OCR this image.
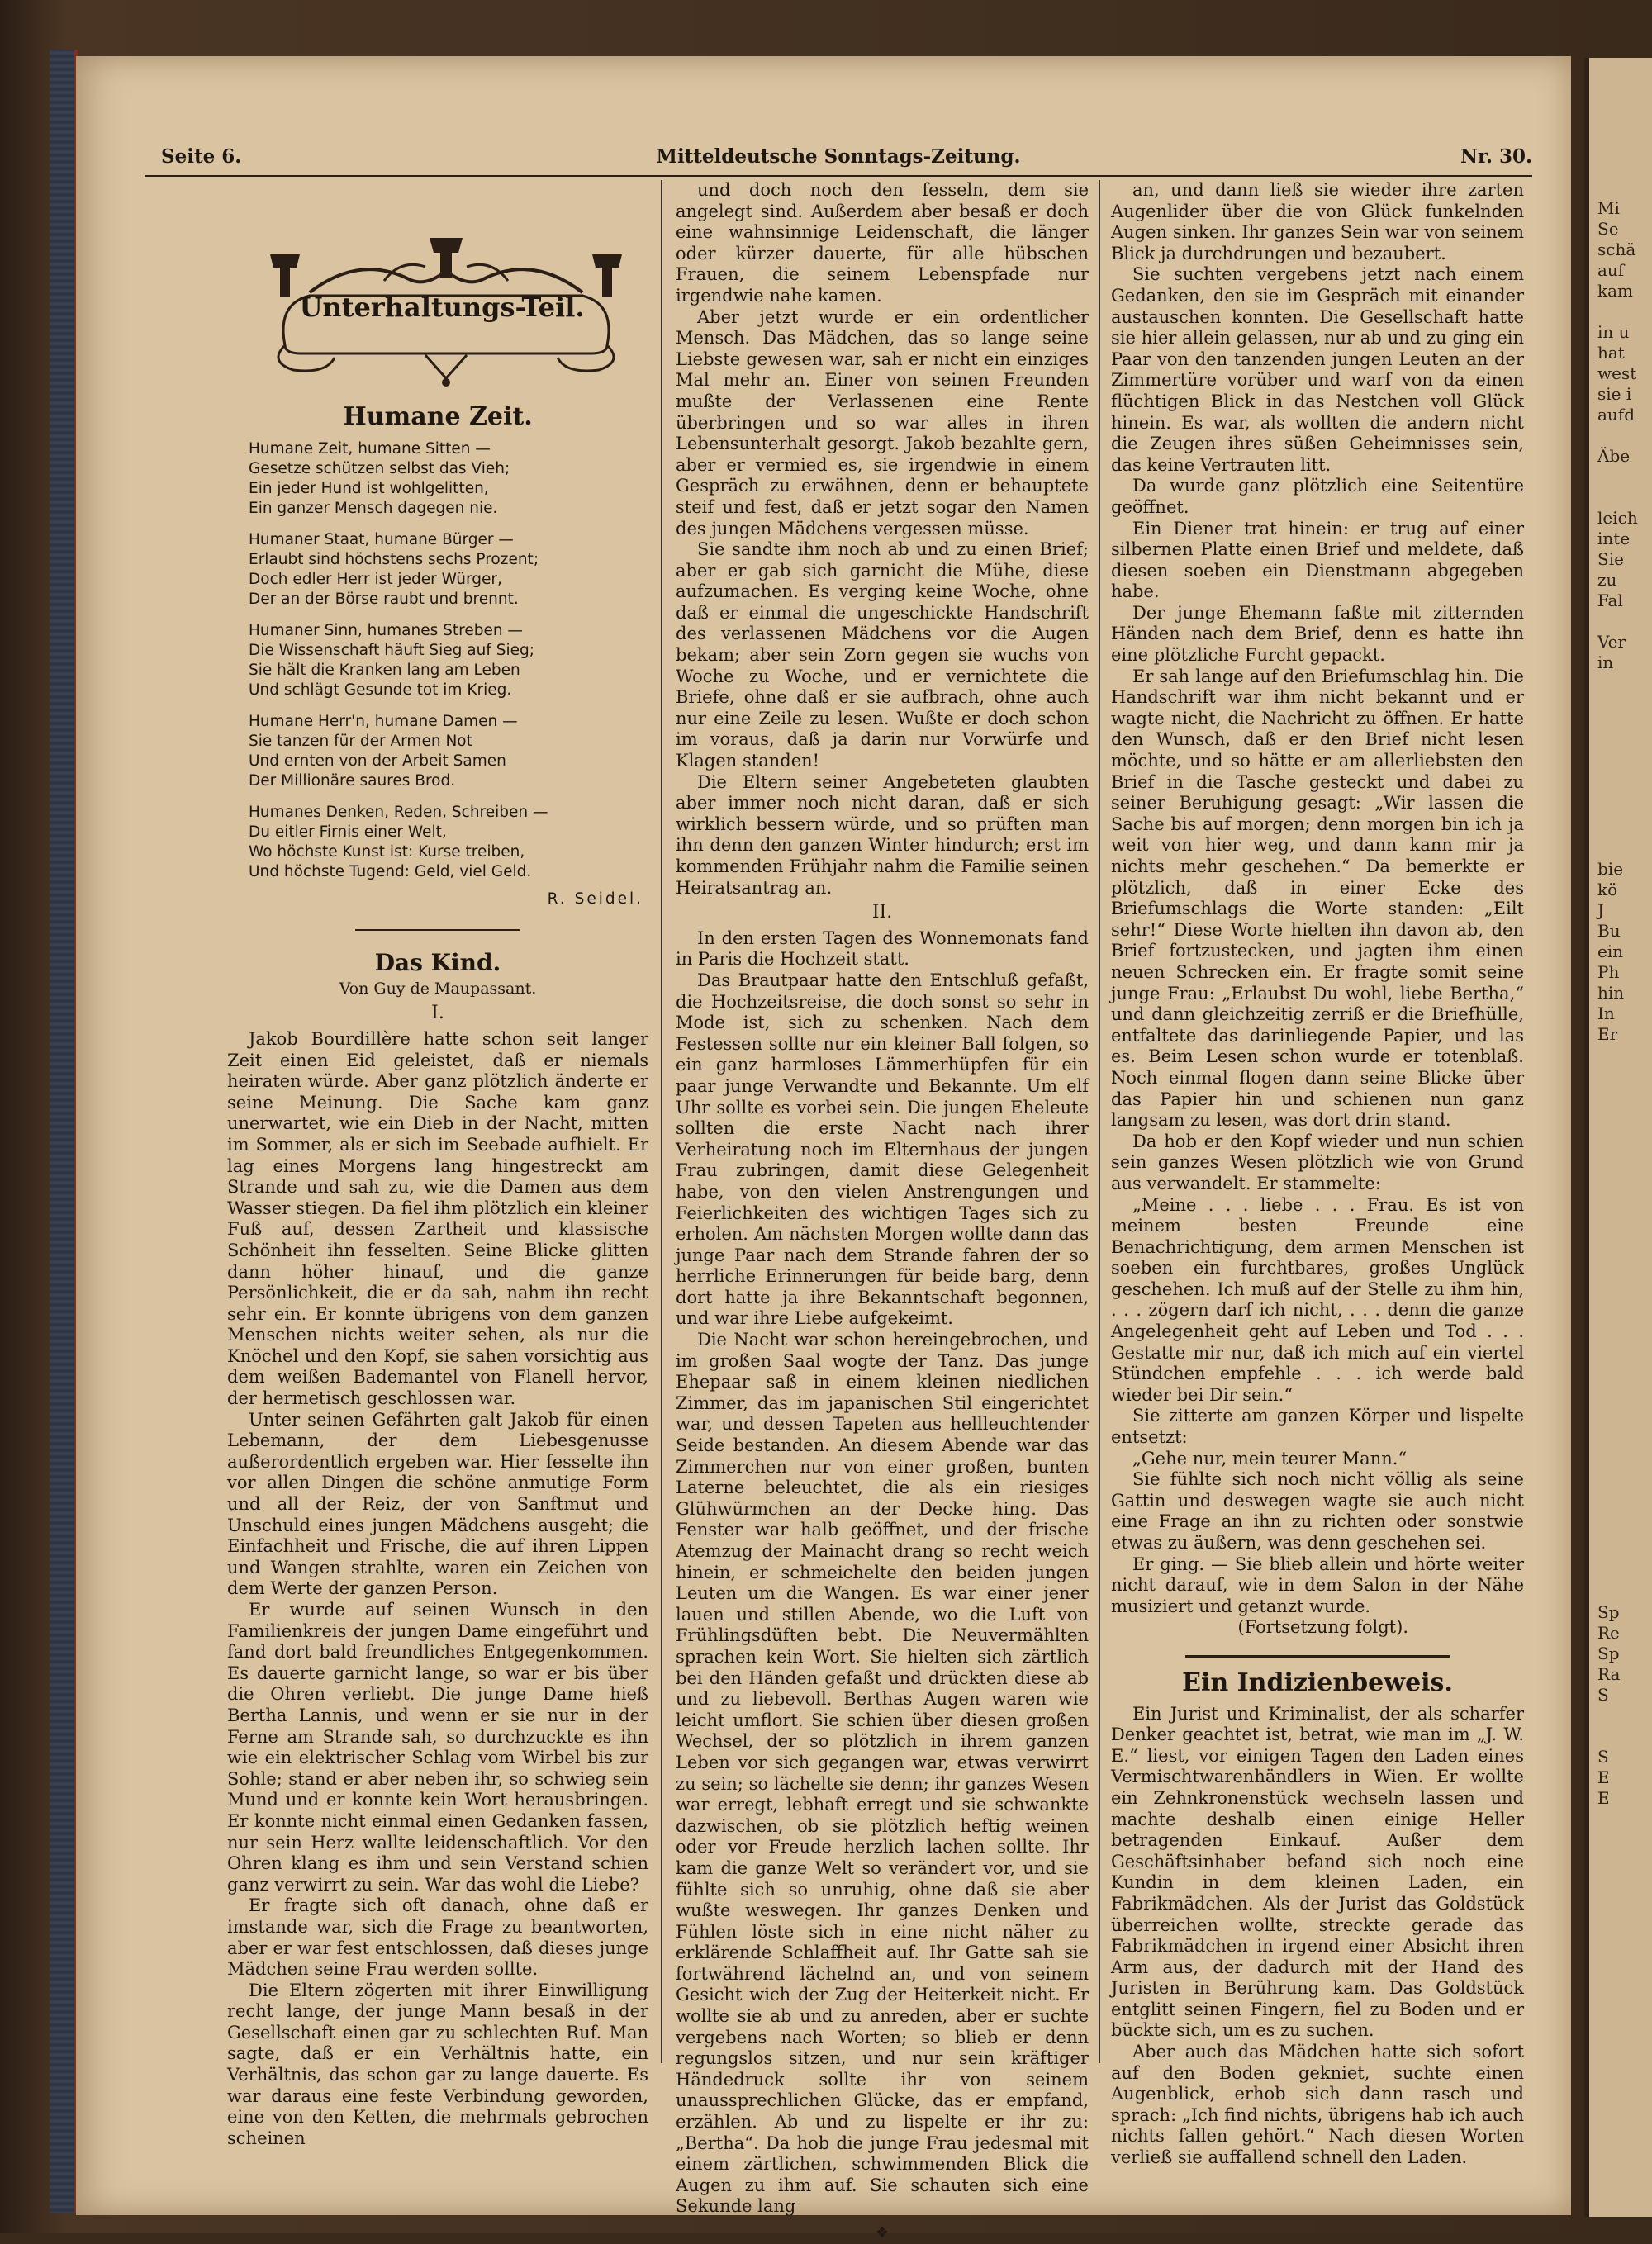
Mi
Se
schä
auf
kam

in u
hat
west
sie i
aufd

Äbe

leich
inte
Sie
zu
Fal

Ver
in

bie
kö
J
Bu
ein
Ph
hin
In
Er

Sp
Re
Sp
Ra
S

S
E
E
Seite 6.	Mitteldeutsche Sonntags-Zeitung.	Nr. 30.
Unterhaltungs-Teil.
Humane Zeit.
Humane Zeit, humane Sitten —
Gesetze schützen selbst das Vieh;
Ein jeder Hund ist wohlgelitten,
Ein ganzer Mensch dagegen nie.
Humaner Staat, humane Bürger —
Erlaubt sind höchstens sechs Prozent;
Doch edler Herr ist jeder Würger,
Der an der Börse raubt und brennt.
Humaner Sinn, humanes Streben —
Die Wissenschaft häuft Sieg auf Sieg;
Sie hält die Kranken lang am Leben
Und schlägt Gesunde tot im Krieg.
Humane Herr'n, humane Damen —
Sie tanzen für der Armen Not
Und ernten von der Arbeit Samen
Der Millionäre saures Brod.
Humanes Denken, Reden, Schreiben —
Du eitler Firnis einer Welt,
Wo höchste Kunst ist: Kurse treiben,
Und höchste Tugend: Geld, viel Geld.
R. Seidel.
Das Kind.
Von Guy de Maupassant.
I.

Jakob Bourdillère hatte schon seit langer Zeit einen Eid geleistet, daß er niemals heiraten würde. Aber ganz plötzlich änderte er seine Meinung. Die Sache kam ganz unerwartet, wie ein Dieb in der Nacht, mitten im Sommer, als er sich im Seebade aufhielt. Er lag eines Morgens lang hingestreckt am Strande und sah zu, wie die Damen aus dem Wasser stiegen. Da fiel ihm plötzlich ein kleiner Fuß auf, dessen Zartheit und klassische Schönheit ihn fesselten. Seine Blicke glitten dann höher hinauf, und die ganze Persönlichkeit, die er da sah, nahm ihn recht sehr ein. Er konnte übrigens von dem ganzen Menschen nichts weiter sehen, als nur die Knöchel und den Kopf, sie sahen vorsichtig aus dem weißen Bademantel von Flanell hervor, der hermetisch geschlossen war.

Unter seinen Gefährten galt Jakob für einen Lebemann, der dem Liebesgenusse außerordentlich ergeben war. Hier fesselte ihn vor allen Dingen die schöne anmutige Form und all der Reiz, der von Sanftmut und Unschuld eines jungen Mädchens ausgeht; die Einfachheit und Frische, die auf ihren Lippen und Wangen strahlte, waren ein Zeichen von dem Werte der ganzen Person.

Er wurde auf seinen Wunsch in den Familienkreis der jungen Dame eingeführt und fand dort bald freundliches Entgegenkommen. Es dauerte garnicht lange, so war er bis über die Ohren verliebt. Die junge Dame hieß Bertha Lannis, und wenn er sie nur in der Ferne am Strande sah, so durchzuckte es ihn wie ein elektrischer Schlag vom Wirbel bis zur Sohle; stand er aber neben ihr, so schwieg sein Mund und er konnte kein Wort herausbringen. Er konnte nicht einmal einen Gedanken fassen, nur sein Herz wallte leidenschaftlich. Vor den Ohren klang es ihm und sein Verstand schien ganz verwirrt zu sein. War das wohl die Liebe?

Er fragte sich oft danach, ohne daß er imstande war, sich die Frage zu beantworten, aber er war fest entschlossen, daß dieses junge Mädchen seine Frau werden sollte.

Die Eltern zögerten mit ihrer Einwilligung recht lange, der junge Mann besaß in der Gesellschaft einen gar zu schlechten Ruf. Man sagte, daß er ein Verhältnis hatte, ein Verhältnis, das schon gar zu lange dauerte. Es war daraus eine feste Verbindung geworden, eine von den Ketten, die mehrmals gebrochen scheinen

und doch noch den fesseln, dem sie angelegt sind. Außerdem aber besaß er doch eine wahnsinnige Leidenschaft, die länger oder kürzer dauerte, für alle hübschen Frauen, die seinem Lebenspfade nur irgendwie nahe kamen.

Aber jetzt wurde er ein ordentlicher Mensch. Das Mädchen, das so lange seine Liebste gewesen war, sah er nicht ein einziges Mal mehr an. Einer von seinen Freunden mußte der Verlassenen eine Rente überbringen und so war alles in ihren Lebensunterhalt gesorgt. Jakob bezahlte gern, aber er vermied es, sie irgendwie in einem Gespräch zu erwähnen, denn er behauptete steif und fest, daß er jetzt sogar den Namen des jungen Mädchens vergessen müsse.

Sie sandte ihm noch ab und zu einen Brief; aber er gab sich garnicht die Mühe, diese aufzumachen. Es verging keine Woche, ohne daß er einmal die ungeschickte Handschrift des verlassenen Mädchens vor die Augen bekam; aber sein Zorn gegen sie wuchs von Woche zu Woche, und er vernichtete die Briefe, ohne daß er sie aufbrach, ohne auch nur eine Zeile zu lesen. Wußte er doch schon im voraus, daß ja darin nur Vorwürfe und Klagen standen!

Die Eltern seiner Angebeteten glaubten aber immer noch nicht daran, daß er sich wirklich bessern würde, und so prüften man ihn denn den ganzen Winter hindurch; erst im kommenden Frühjahr nahm die Familie seinen Heiratsantrag an.

II.

In den ersten Tagen des Wonnemonats fand in Paris die Hochzeit statt.

Das Brautpaar hatte den Entschluß gefaßt, die Hochzeitsreise, die doch sonst so sehr in Mode ist, sich zu schenken. Nach dem Festessen sollte nur ein kleiner Ball folgen, so ein ganz harmloses Lämmerhüpfen für ein paar junge Verwandte und Bekannte. Um elf Uhr sollte es vorbei sein. Die jungen Eheleute sollten die erste Nacht nach ihrer Verheiratung noch im Elternhaus der jungen Frau zubringen, damit diese Gelegenheit habe, von den vielen Anstrengungen und Feierlichkeiten des wichtigen Tages sich zu erholen. Am nächsten Morgen wollte dann das junge Paar nach dem Strande fahren der so herrliche Erinnerungen für beide barg, denn dort hatte ja ihre Bekanntschaft begonnen, und war ihre Liebe aufgekeimt.

Die Nacht war schon hereingebrochen, und im großen Saal wogte der Tanz. Das junge Ehepaar saß in einem kleinen niedlichen Zimmer, das im japanischen Stil eingerichtet war, und dessen Tapeten aus hellleuchtender Seide bestanden. An diesem Abende war das Zimmerchen nur von einer großen, bunten Laterne beleuchtet, die als ein riesiges Glühwürmchen an der Decke hing. Das Fenster war halb geöffnet, und der frische Atemzug der Mainacht drang so recht weich hinein, er schmeichelte den beiden jungen Leuten um die Wangen. Es war einer jener lauen und stillen Abende, wo die Luft von Frühlingsdüften bebt. Die Neuvermählten sprachen kein Wort. Sie hielten sich zärtlich bei den Händen gefaßt und drückten diese ab und zu liebevoll. Berthas Augen waren wie leicht umflort. Sie schien über diesen großen Wechsel, der so plötzlich in ihrem ganzen Leben vor sich gegangen war, etwas verwirrt zu sein; so lächelte sie denn; ihr ganzes Wesen war erregt, lebhaft erregt und sie schwankte dazwischen, ob sie plötzlich heftig weinen oder vor Freude herzlich lachen sollte. Ihr kam die ganze Welt so verändert vor, und sie fühlte sich so unruhig, ohne daß sie aber wußte weswegen. Ihr ganzes Denken und Fühlen löste sich in eine nicht näher zu erklärende Schlaffheit auf. Ihr Gatte sah sie fortwährend lächelnd an, und von seinem Gesicht wich der Zug der Heiterkeit nicht. Er wollte sie ab und zu anreden, aber er suchte vergebens nach Worten; so blieb er denn regungslos sitzen, und nur sein kräftiger Händedruck sollte ihr von seinem unaussprechlichen Glücke, das er empfand, erzählen. Ab und zu lispelte er ihr zu: „Bertha“. Da hob die junge Frau jedesmal mit einem zärtlichen, schwimmenden Blick die Augen zu ihm auf. Sie schauten sich eine Sekunde lang

❖

an, und dann ließ sie wieder ihre zarten Augenlider über die von Glück funkelnden Augen sinken. Ihr ganzes Sein war von seinem Blick ja durchdrungen und bezaubert.

Sie suchten vergebens jetzt nach einem Gedanken, den sie im Gespräch mit einander austauschen konnten. Die Gesellschaft hatte sie hier allein gelassen, nur ab und zu ging ein Paar von den tanzenden jungen Leuten an der Zimmertüre vorüber und warf von da einen flüchtigen Blick in das Nestchen voll Glück hinein. Es war, als wollten die andern nicht die Zeugen ihres süßen Geheimnisses sein, das keine Vertrauten litt.

Da wurde ganz plötzlich eine Seitentüre geöffnet.

Ein Diener trat hinein: er trug auf einer silbernen Platte einen Brief und meldete, daß diesen soeben ein Dienstmann abgegeben habe.

Der junge Ehemann faßte mit zitternden Händen nach dem Brief, denn es hatte ihn eine plötzliche Furcht gepackt.

Er sah lange auf den Briefumschlag hin. Die Handschrift war ihm nicht bekannt und er wagte nicht, die Nachricht zu öffnen. Er hatte den Wunsch, daß er den Brief nicht lesen möchte, und so hätte er am allerliebsten den Brief in die Tasche gesteckt und dabei zu seiner Beruhigung gesagt: „Wir lassen die Sache bis auf morgen; denn morgen bin ich ja weit von hier weg, und dann kann mir ja nichts mehr geschehen.“ Da bemerkte er plötzlich, daß in einer Ecke des Briefumschlags die Worte standen: „Eilt sehr!“ Diese Worte hielten ihn davon ab, den Brief fortzustecken, und jagten ihm einen neuen Schrecken ein. Er fragte somit seine junge Frau: „Erlaubst Du wohl, liebe Bertha,“ und dann gleichzeitig zerriß er die Briefhülle, entfaltete das darinliegende Papier, und las es. Beim Lesen schon wurde er totenblaß. Noch einmal flogen dann seine Blicke über das Papier hin und schienen nun ganz langsam zu lesen, was dort drin stand.

Da hob er den Kopf wieder und nun schien sein ganzes Wesen plötzlich wie von Grund aus verwandelt. Er stammelte:

„Meine . . . liebe . . . Frau. Es ist von meinem besten Freunde eine Benachrichtigung, dem armen Menschen ist soeben ein furchtbares, großes Unglück geschehen. Ich muß auf der Stelle zu ihm hin, . . . zögern darf ich nicht, . . . denn die ganze Angelegenheit geht auf Leben und Tod . . . Gestatte mir nur, daß ich mich auf ein viertel Stündchen empfehle . . . ich werde bald wieder bei Dir sein.“

Sie zitterte am ganzen Körper und lispelte entsetzt:

„Gehe nur, mein teurer Mann.“

Sie fühlte sich noch nicht völlig als seine Gattin und deswegen wagte sie auch nicht eine Frage an ihn zu richten oder sonstwie etwas zu äußern, was denn geschehen sei.

Er ging. — Sie blieb allein und hörte weiter nicht darauf, wie in dem Salon in der Nähe musiziert und getanzt wurde.

(Fortsetzung folgt).

Ein Indizienbeweis.

Ein Jurist und Kriminalist, der als scharfer Denker geachtet ist, betrat, wie man im „J. W. E.“ liest, vor einigen Tagen den Laden eines Vermischtwarenhändlers in Wien. Er wollte ein Zehnkronenstück wechseln lassen und machte deshalb einen einige Heller betragenden Einkauf. Außer dem Geschäftsinhaber befand sich noch eine Kundin in dem kleinen Laden, ein Fabrikmädchen. Als der Jurist das Goldstück überreichen wollte, streckte gerade das Fabrikmädchen in irgend einer Absicht ihren Arm aus, der dadurch mit der Hand des Juristen in Berührung kam. Das Goldstück entglitt seinen Fingern, fiel zu Boden und er bückte sich, um es zu suchen.

Aber auch das Mädchen hatte sich sofort auf den Boden gekniet, suchte einen Augenblick, erhob sich dann rasch und sprach: „Ich find nichts, übrigens hab ich auch nichts fallen gehört.“ Nach diesen Worten verließ sie auffallend schnell den Laden.
